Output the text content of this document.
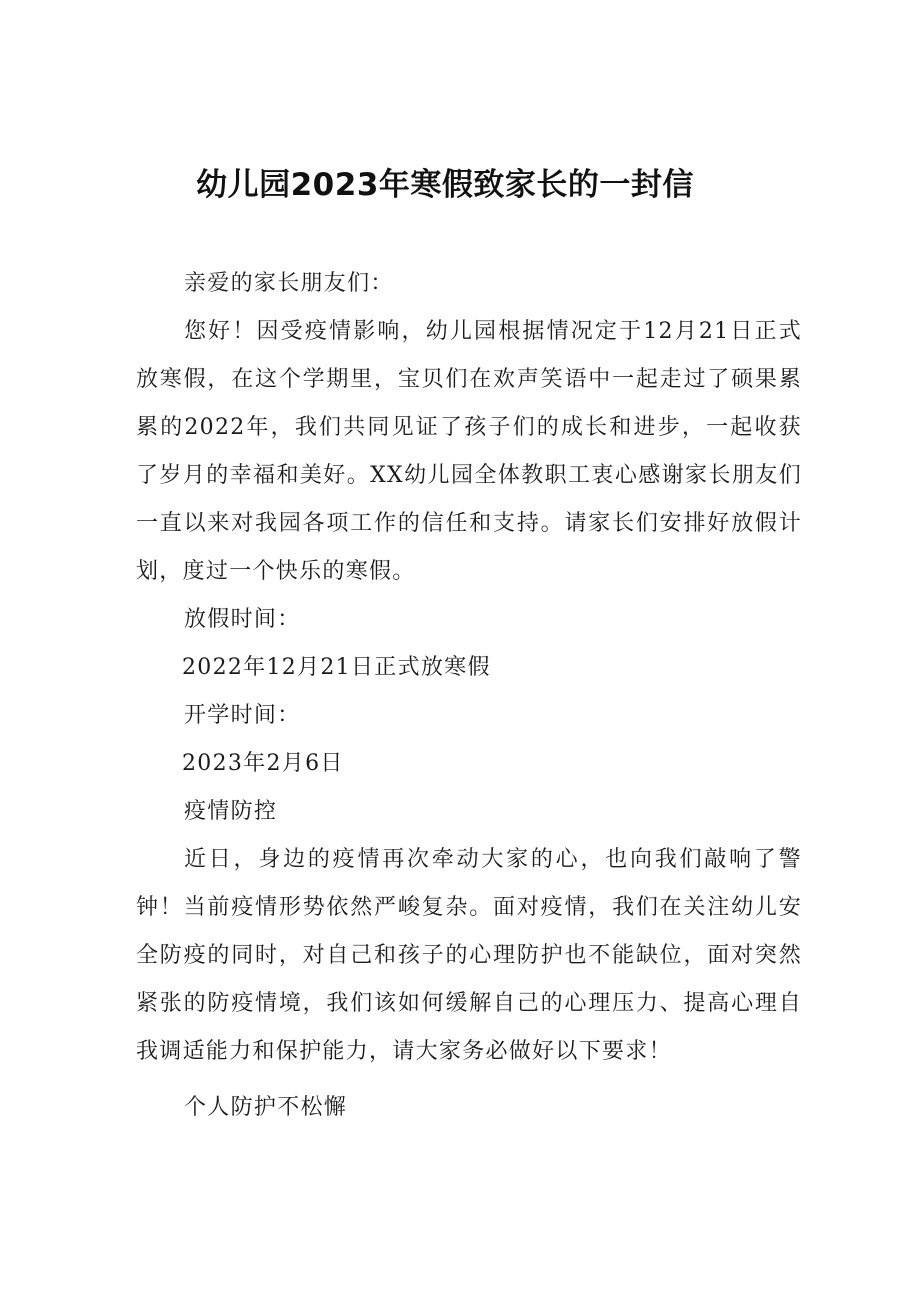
幼儿园2023年寒假致家长的一封信

亲爱的家长朋友们：

您好！因受疫情影响，幼儿园根据情况定于12月21日正式放寒假，在这个学期里，宝贝们在欢声笑语中一起走过了硕果累累的2022年，我们共同见证了孩子们的成长和进步，一起收获了岁月的幸福和美好。XX幼儿园全体教职工衷心感谢家长朋友们一直以来对我园各项工作的信任和支持。请家长们安排好放假计划，度过一个快乐的寒假。

放假时间：

2022年12月21日正式放寒假

开学时间：

2023年2月6日

疫情防控

近日，身边的疫情再次牵动大家的心，也向我们敲响了警钟！当前疫情形势依然严峻复杂。面对疫情，我们在关注幼儿安全防疫的同时，对自己和孩子的心理防护也不能缺位，面对突然紧张的防疫情境，我们该如何缓解自己的心理压力、提高心理自我调适能力和保护能力，请大家务必做好以下要求！

个人防护不松懈
